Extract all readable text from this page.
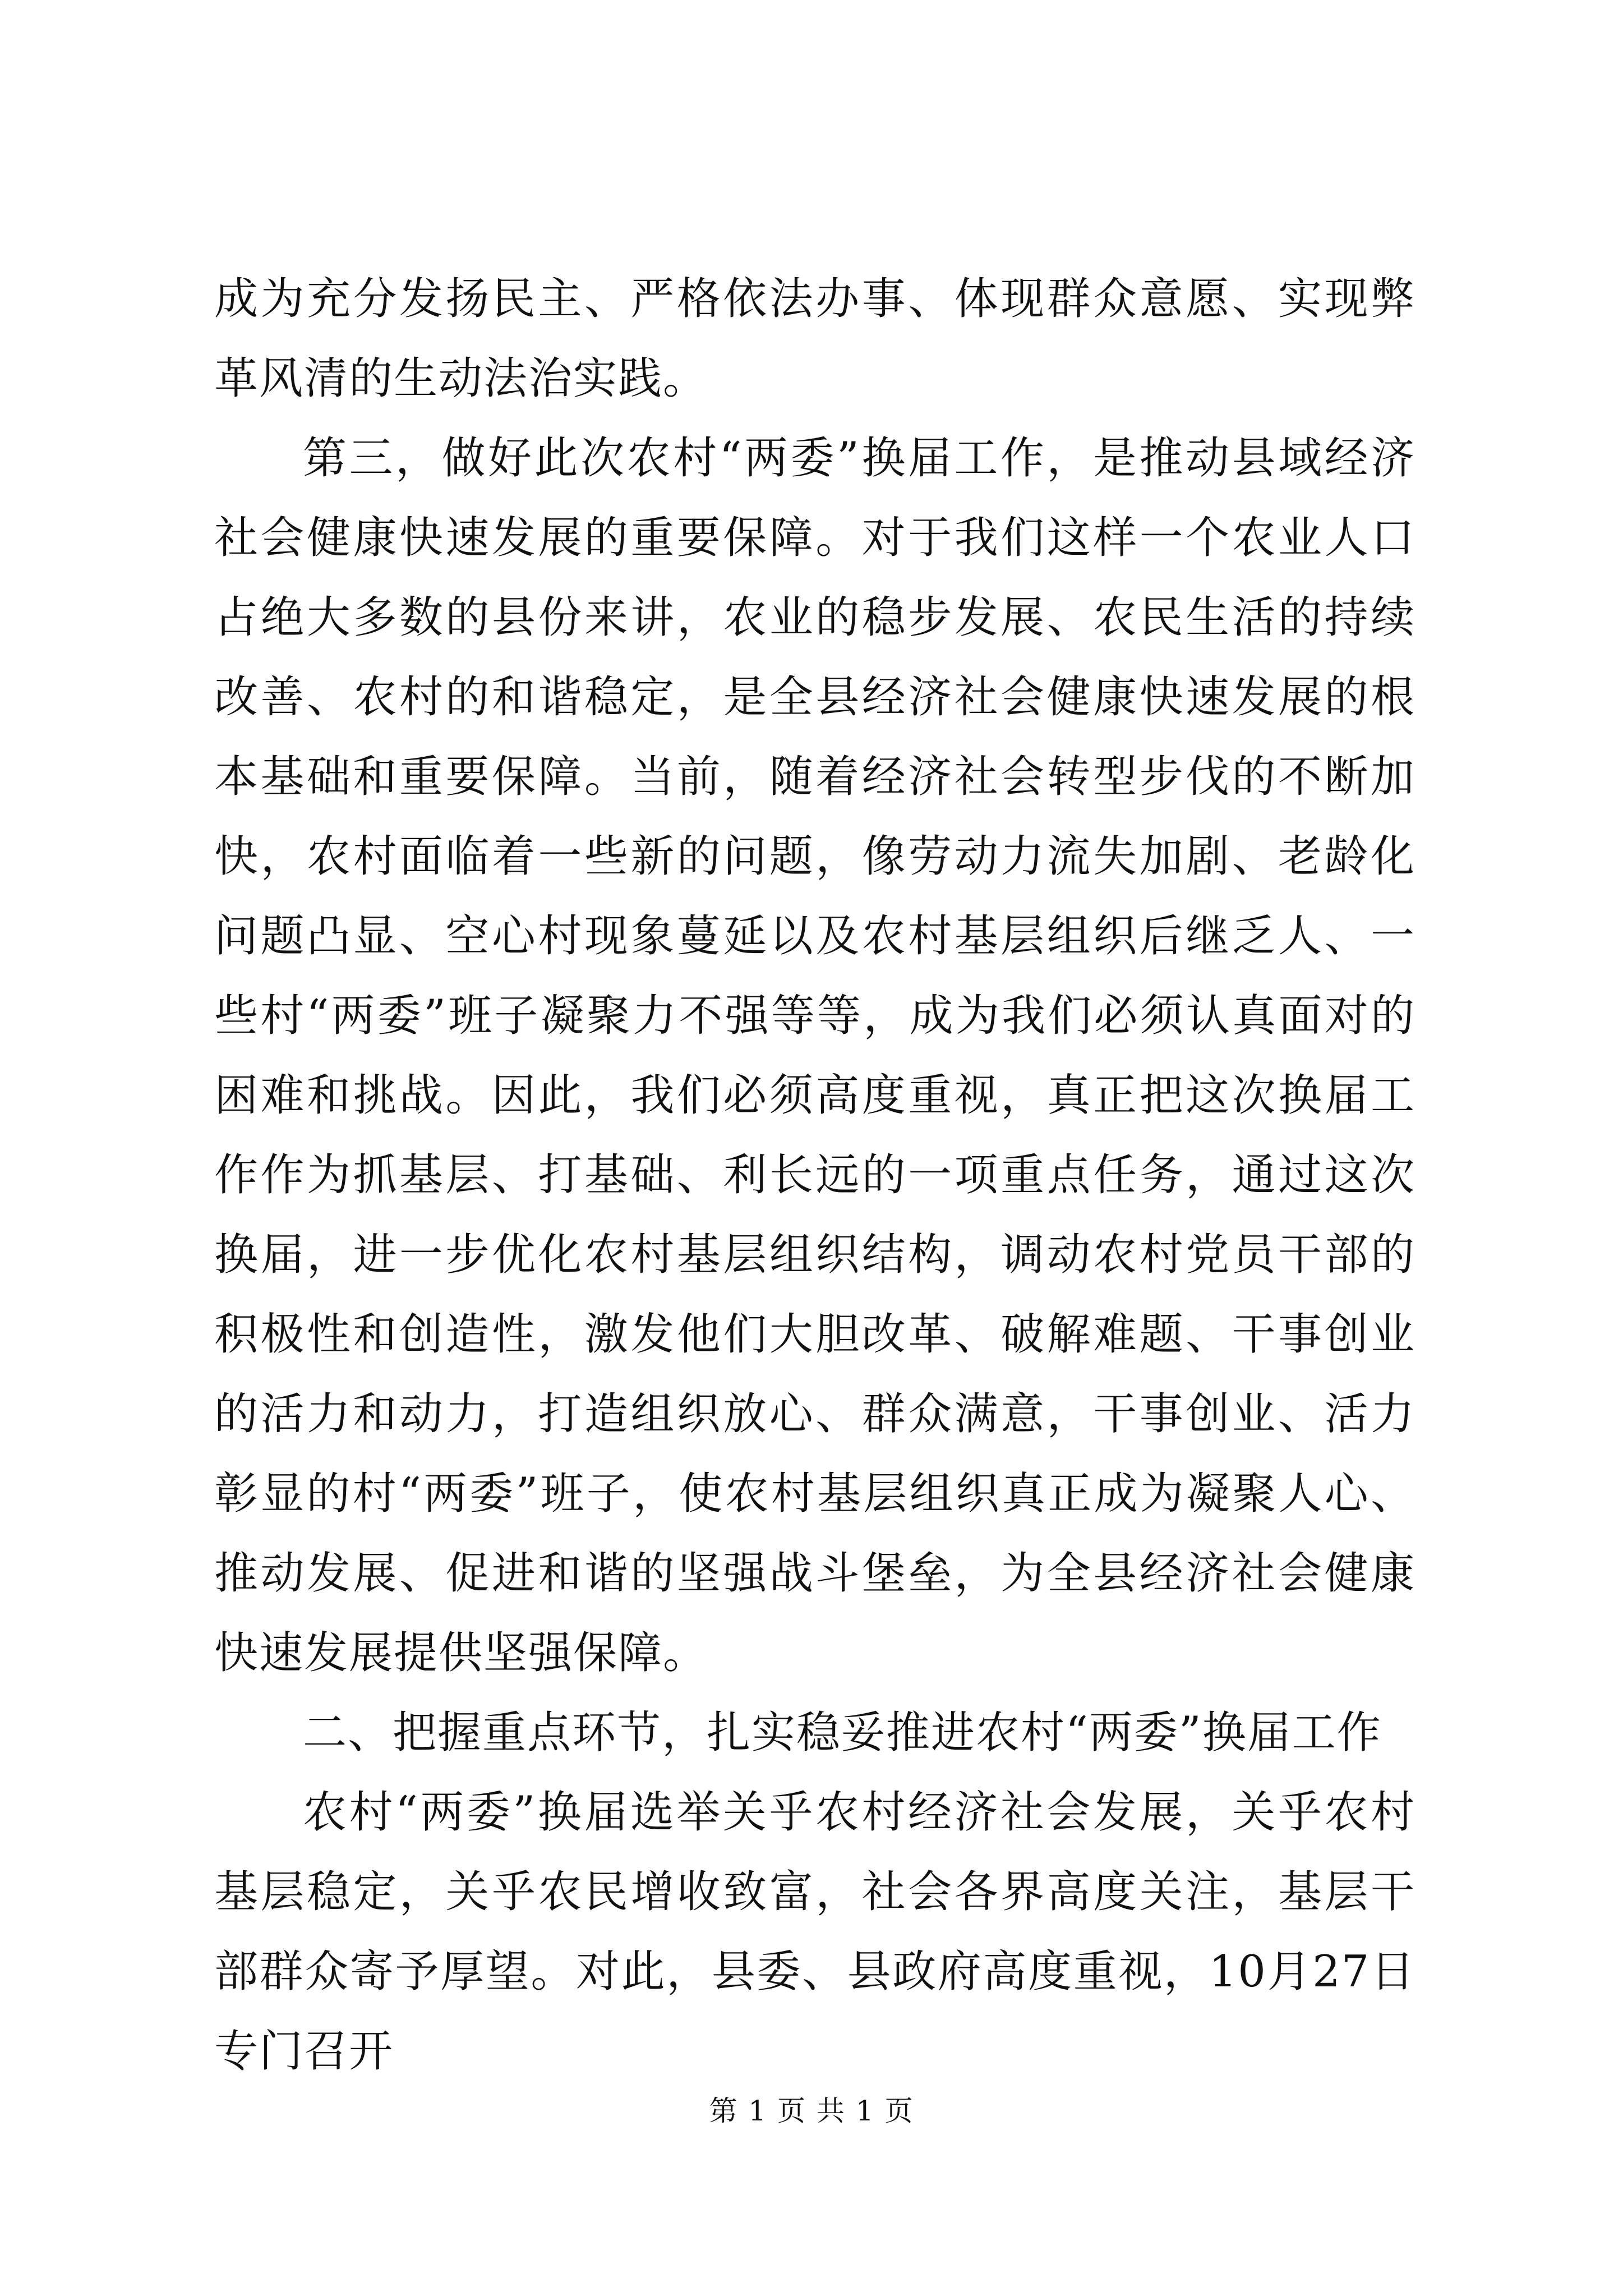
成为充分发扬民主、严格依法办事、体现群众意愿、实现弊革风清的生动法治实践。

第三，做好此次农村“两委”换届工作，是推动县域经济社会健康快速发展的重要保障。对于我们这样一个农业人口占绝大多数的县份来讲，农业的稳步发展、农民生活的持续改善、农村的和谐稳定，是全县经济社会健康快速发展的根本基础和重要保障。当前，随着经济社会转型步伐的不断加快，农村面临着一些新的问题，像劳动力流失加剧、老龄化问题凸显、空心村现象蔓延以及农村基层组织后继乏人、一些村“两委”班子凝聚力不强等等，成为我们必须认真面对的困难和挑战。因此，我们必须高度重视，真正把这次换届工作作为抓基层、打基础、利长远的一项重点任务，通过这次换届，进一步优化农村基层组织结构，调动农村党员干部的积极性和创造性，激发他们大胆改革、破解难题、干事创业的活力和动力，打造组织放心、群众满意，干事创业、活力彰显的村“两委”班子，使农村基层组织真正成为凝聚人心、推动发展、促进和谐的坚强战斗堡垒，为全县经济社会健康快速发展提供坚强保障。

二、把握重点环节，扎实稳妥推进农村“两委”换届工作

农村“两委”换届选举关乎农村经济社会发展，关乎农村基层稳定，关乎农民增收致富，社会各界高度关注，基层干部群众寄予厚望。对此，县委、县政府高度重视，10月27日专门召开

第 1 页 共 1 页
